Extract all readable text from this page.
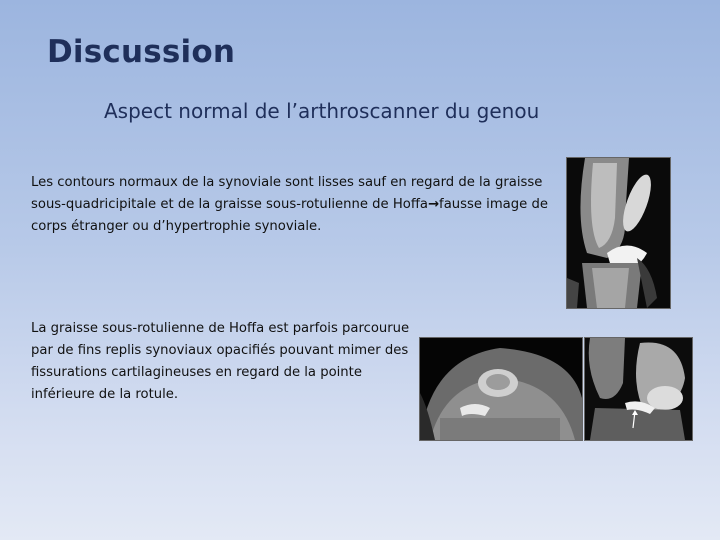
Discussion
Aspect normal de l’arthroscanner du genou
Les contours normaux de la synoviale sont lisses sauf en regard de la graisse sous-quadricipitale et de la graisse sous-rotulienne de Hoffa→fausse image de corps étranger ou d’hypertrophie synoviale.
La graisse sous-rotulienne de Hoffa est parfois parcourue par de fins replis synoviaux opacifiés pouvant mimer des fissurations cartilagineuses en regard de la pointe inférieure de la rotule.
